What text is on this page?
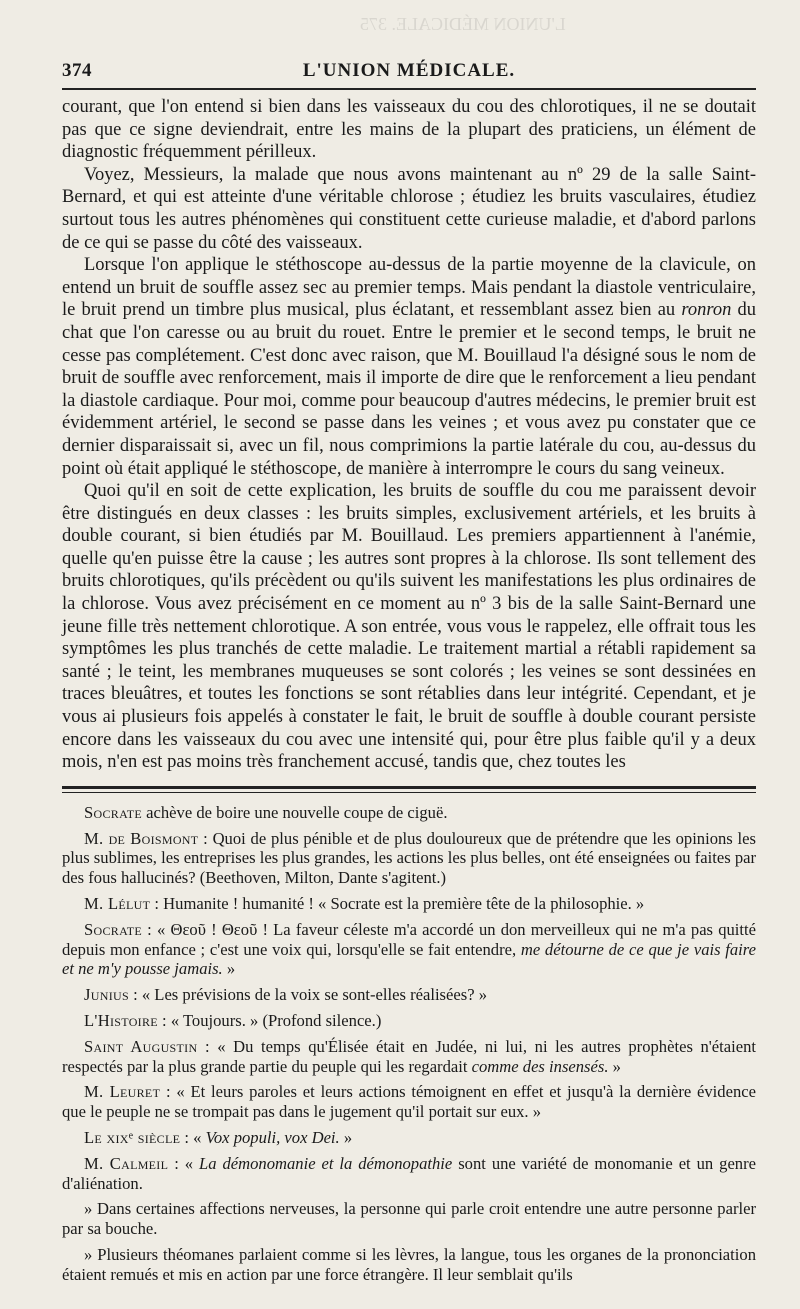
L'UNION MÉDICALE. 375
374	L'UNION MÉDICALE.

courant, que l'on entend si bien dans les vaisseaux du cou des chlorotiques, il ne se doutait pas que ce signe deviendrait, entre les mains de la plupart des praticiens, un élément de diagnostic fréquemment périlleux.

Voyez, Messieurs, la malade que nous avons maintenant au nº 29 de la salle Saint-Bernard, et qui est atteinte d'une véritable chlorose ; étudiez les bruits vasculaires, étudiez surtout tous les autres phénomènes qui constituent cette curieuse maladie, et d'abord parlons de ce qui se passe du côté des vaisseaux.

Lorsque l'on applique le stéthoscope au-dessus de la partie moyenne de la clavicule, on entend un bruit de souffle assez sec au premier temps. Mais pendant la diastole ventriculaire, le bruit prend un timbre plus musical, plus éclatant, et ressemblant assez bien au ronron du chat que l'on caresse ou au bruit du rouet. Entre le premier et le second temps, le bruit ne cesse pas complétement. C'est donc avec raison, que M. Bouillaud l'a désigné sous le nom de bruit de souffle avec renforcement, mais il importe de dire que le renforcement a lieu pendant la diastole cardiaque. Pour moi, comme pour beaucoup d'autres médecins, le premier bruit est évidemment artériel, le second se passe dans les veines ; et vous avez pu constater que ce dernier disparaissait si, avec un fil, nous comprimions la partie latérale du cou, au-dessus du point où était appliqué le stéthoscope, de manière à interrompre le cours du sang veineux.

Quoi qu'il en soit de cette explication, les bruits de souffle du cou me paraissent devoir être distingués en deux classes : les bruits simples, exclusivement artériels, et les bruits à double courant, si bien étudiés par M. Bouillaud. Les premiers appartiennent à l'anémie, quelle qu'en puisse être la cause ; les autres sont propres à la chlorose. Ils sont tellement des bruits chlorotiques, qu'ils précèdent ou qu'ils suivent les manifestations les plus ordinaires de la chlorose. Vous avez précisément en ce moment au nº 3 bis de la salle Saint-Bernard une jeune fille très nettement chlorotique. A son entrée, vous vous le rappelez, elle offrait tous les symptômes les plus tranchés de cette maladie. Le traitement martial a rétabli rapidement sa santé ; le teint, les membranes muqueuses se sont colorés ; les veines se sont dessinées en traces bleuâtres, et toutes les fonctions se sont rétablies dans leur intégrité. Cependant, et je vous ai plusieurs fois appelés à constater le fait, le bruit de souffle à double courant persiste encore dans les vaisseaux du cou avec une intensité qui, pour être plus faible qu'il y a deux mois, n'en est pas moins très franchement accusé, tandis que, chez toutes les

Socrate achève de boire une nouvelle coupe de ciguë.

M. de Boismont : Quoi de plus pénible et de plus douloureux que de prétendre que les opinions les plus sublimes, les entreprises les plus grandes, les actions les plus belles, ont été enseignées ou faites par des fous hallucinés? (Beethoven, Milton, Dante s'agitent.)

M. Lélut : Humanite ! humanité ! « Socrate est la première tête de la philosophie. »

Socrate : « Θεοῦ ! Θεοῦ ! La faveur céleste m'a accordé un don merveilleux qui ne m'a pas quitté depuis mon enfance ; c'est une voix qui, lorsqu'elle se fait entendre, me détourne de ce que je vais faire et ne m'y pousse jamais. »

Junius : « Les prévisions de la voix se sont-elles réalisées? »

L'Histoire : « Toujours. » (Profond silence.)

Saint Augustin : « Du temps qu'Élisée était en Judée, ni lui, ni les autres prophètes n'étaient respectés par la plus grande partie du peuple qui les regardait comme des insensés. »

M. Leuret : « Et leurs paroles et leurs actions témoignent en effet et jusqu'à la dernière évidence que le peuple ne se trompait pas dans le jugement qu'il portait sur eux. »

Le xixᵉ siècle : « Vox populi, vox Dei. »

M. Calmeil : « La démonomanie et la démonopathie sont une variété de monomanie et un genre d'aliénation.

» Dans certaines affections nerveuses, la personne qui parle croit entendre une autre personne parler par sa bouche.

» Plusieurs théomanes parlaient comme si les lèvres, la langue, tous les organes de la prononciation étaient remués et mis en action par une force étrangère. Il leur semblait qu'ils
